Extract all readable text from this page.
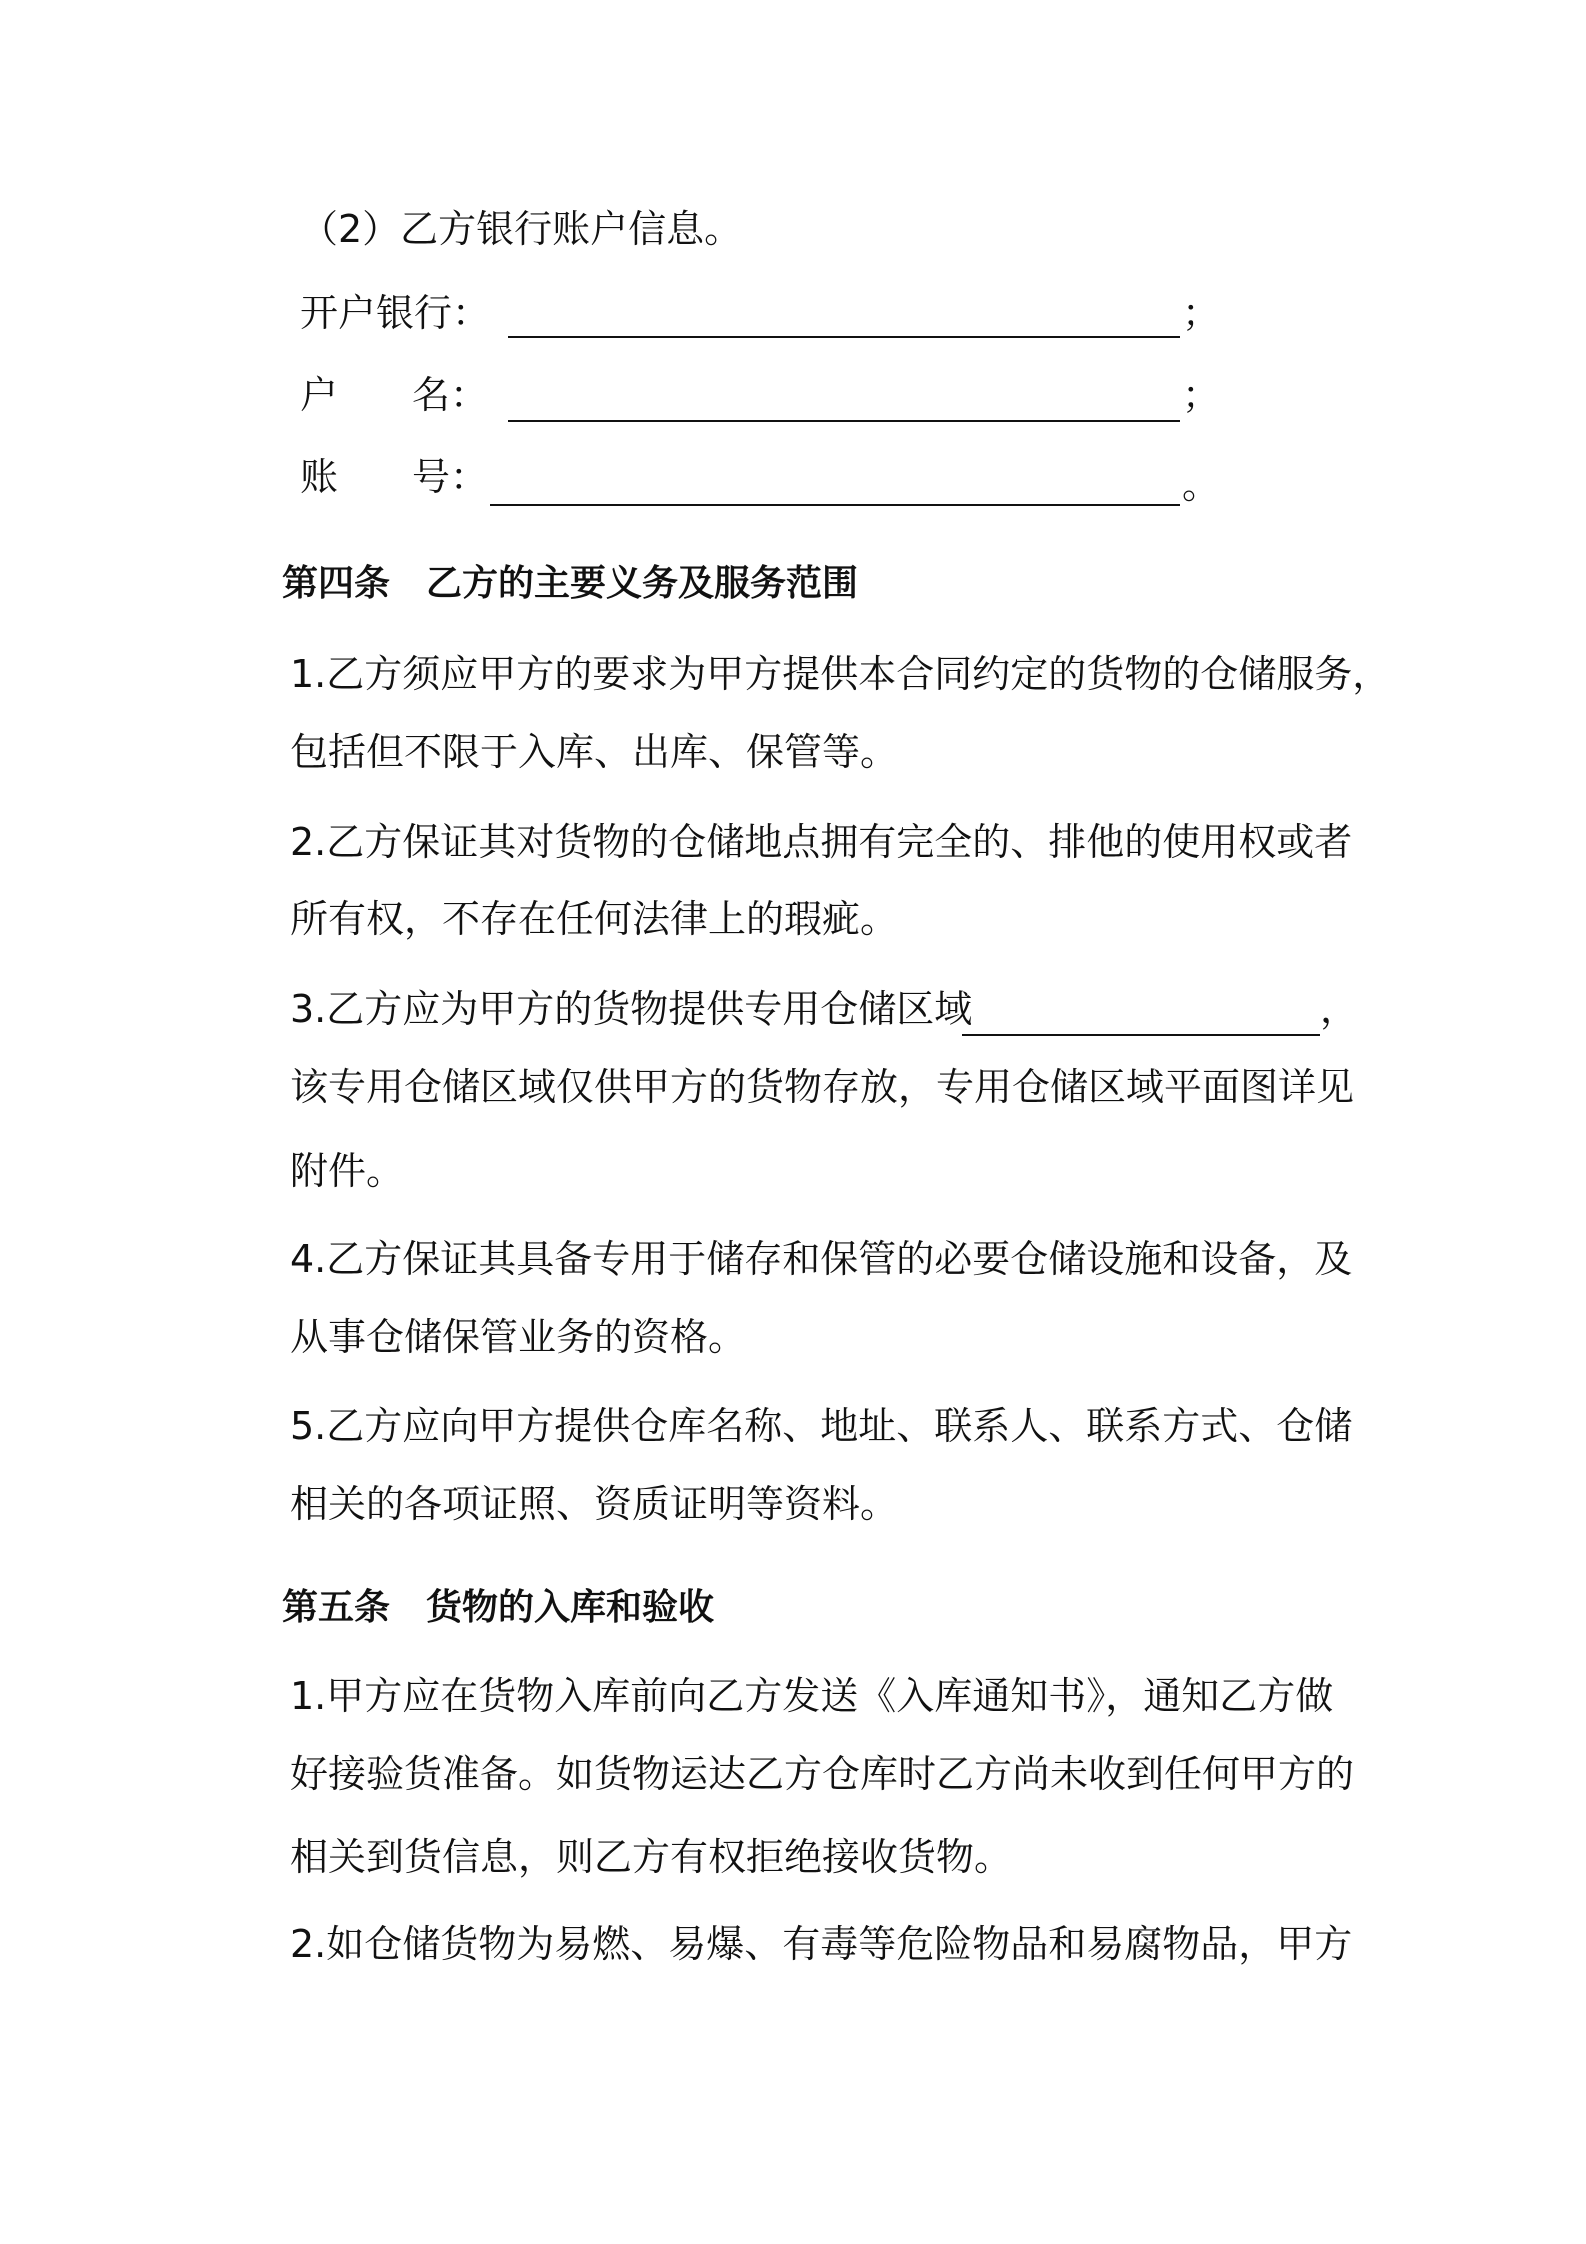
（2）乙方银行账户信息。
开户银行：	；
户 名：	；
账 号：	。
第四条　乙方的主要义务及服务范围
1.乙方须应甲方的要求为甲方提供本合同约定的货物的仓储服务，
包括但不限于入库、出库、保管等。
2.乙方保证其对货物的仓储地点拥有完全的、排他的使用权或者
所有权，不存在任何法律上的瑕疵。
3.乙方应为甲方的货物提供专用仓储区域	，
该专用仓储区域仅供甲方的货物存放，专用仓储区域平面图详见
附件。
4.乙方保证其具备专用于储存和保管的必要仓储设施和设备，及
从事仓储保管业务的资格。
5.乙方应向甲方提供仓库名称、地址、联系人、联系方式、仓储
相关的各项证照、资质证明等资料。
第五条　货物的入库和验收
1.甲方应在货物入库前向乙方发送《入库通知书》，通知乙方做
好接验货准备。如货物运达乙方仓库时乙方尚未收到任何甲方的
相关到货信息，则乙方有权拒绝接收货物。
2.如仓储货物为易燃、易爆、有毒等危险物品和易腐物品，甲方
